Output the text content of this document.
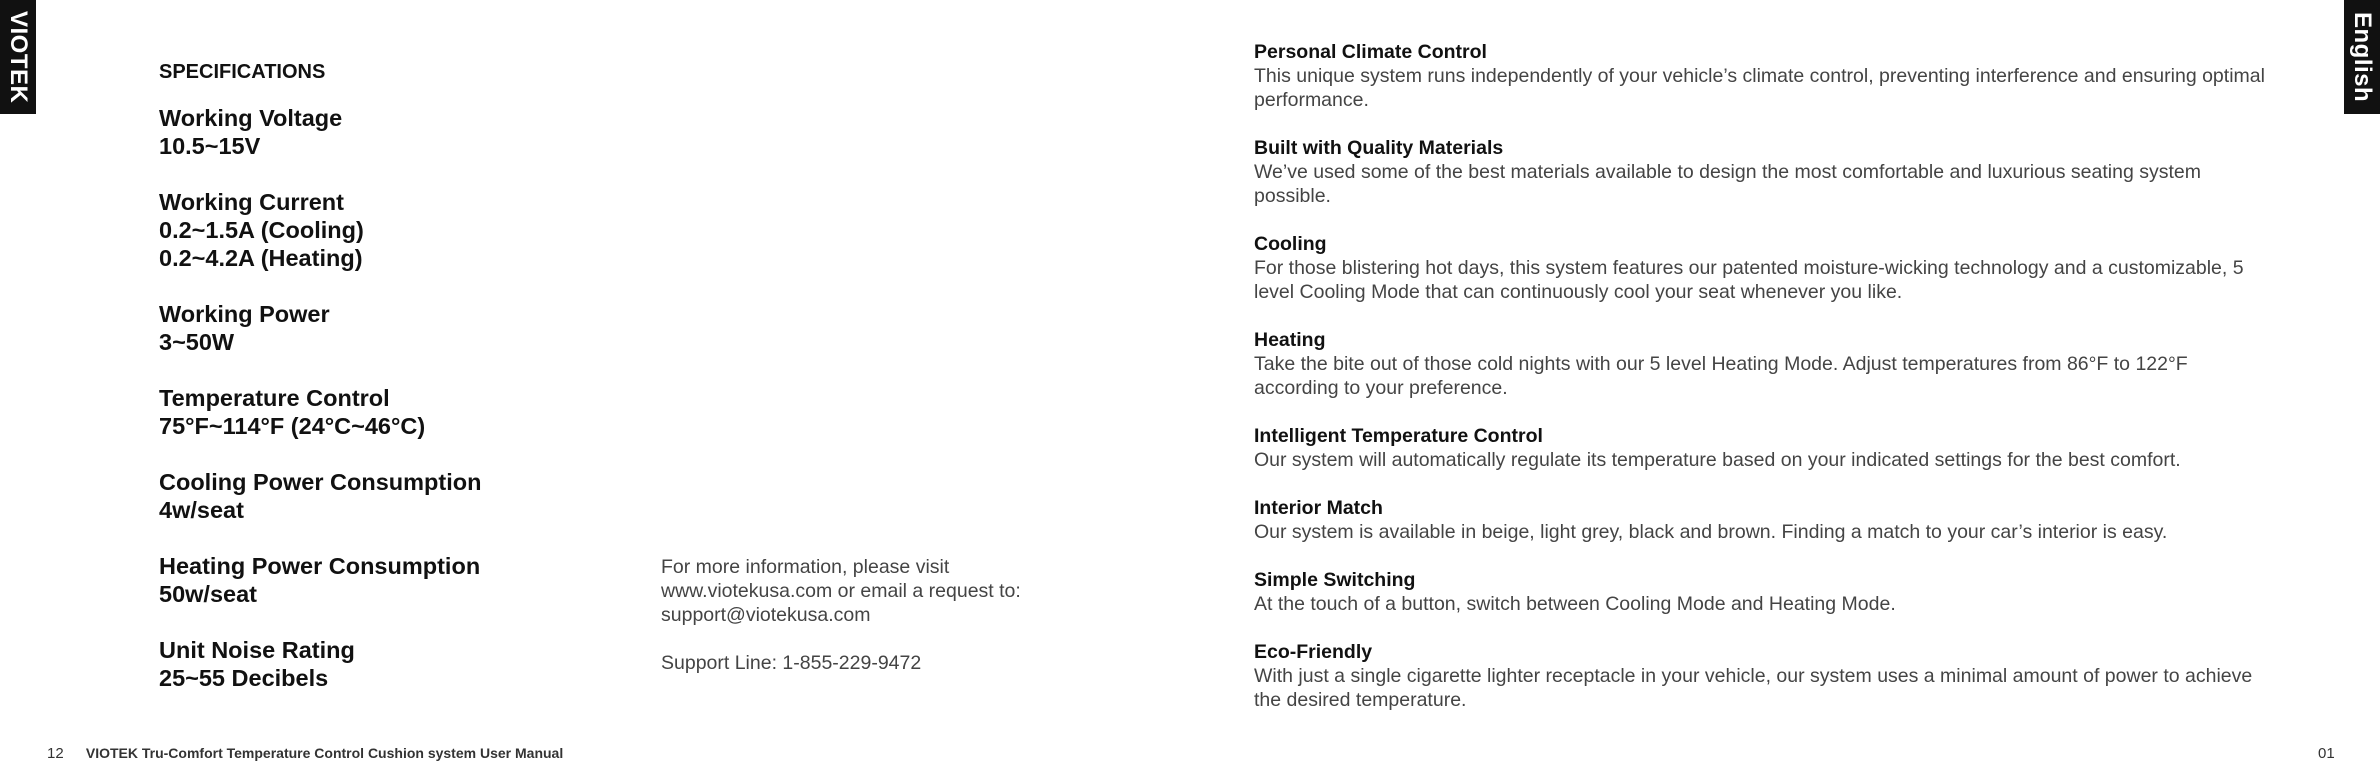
VIOTEK	English
SPECIFICATIONS
Working Voltage
10.5~15V
Working Current
0.2~1.5A (Cooling)
0.2~4.2A (Heating)
Working Power
3~50W
Temperature Control
75°F~114°F (24°C~46°C)
Cooling Power Consumption
4w/seat
Heating Power Consumption
50w/seat
Unit Noise Rating
25~55 Decibels
For more information, please visit
www.viotekusa.com or email a request to:
support@viotekusa.com
Support Line: 1-855-229-9472
Personal Climate Control
This unique system runs independently of your vehicle’s climate control, preventing interference and ensuring optimal performance.
Built with Quality Materials
We’ve used some of the best materials available to design the most comfortable and luxurious seating system possible.
Cooling
For those blistering hot days, this system features our patented moisture-wicking technology and a customizable, 5 level Cooling Mode that can continuously cool your seat whenever you like.
Heating
Take the bite out of those cold nights with our 5 level Heating Mode. Adjust temperatures from 86°F to 122°F according to your preference.
Intelligent Temperature Control
Our system will automatically regulate its temperature based on your indicated settings for the best comfort.
Interior Match
Our system is available in beige, light grey, black and brown. Finding a match to your car’s interior is easy.
Simple Switching
At the touch of a button, switch between Cooling Mode and Heating Mode.
Eco-Friendly
With just a single cigarette lighter receptacle in your vehicle, our system uses a minimal amount of power to achieve the desired temperature.
12 VIOTEK Tru-Comfort Temperature Control Cushion system User Manual	01
